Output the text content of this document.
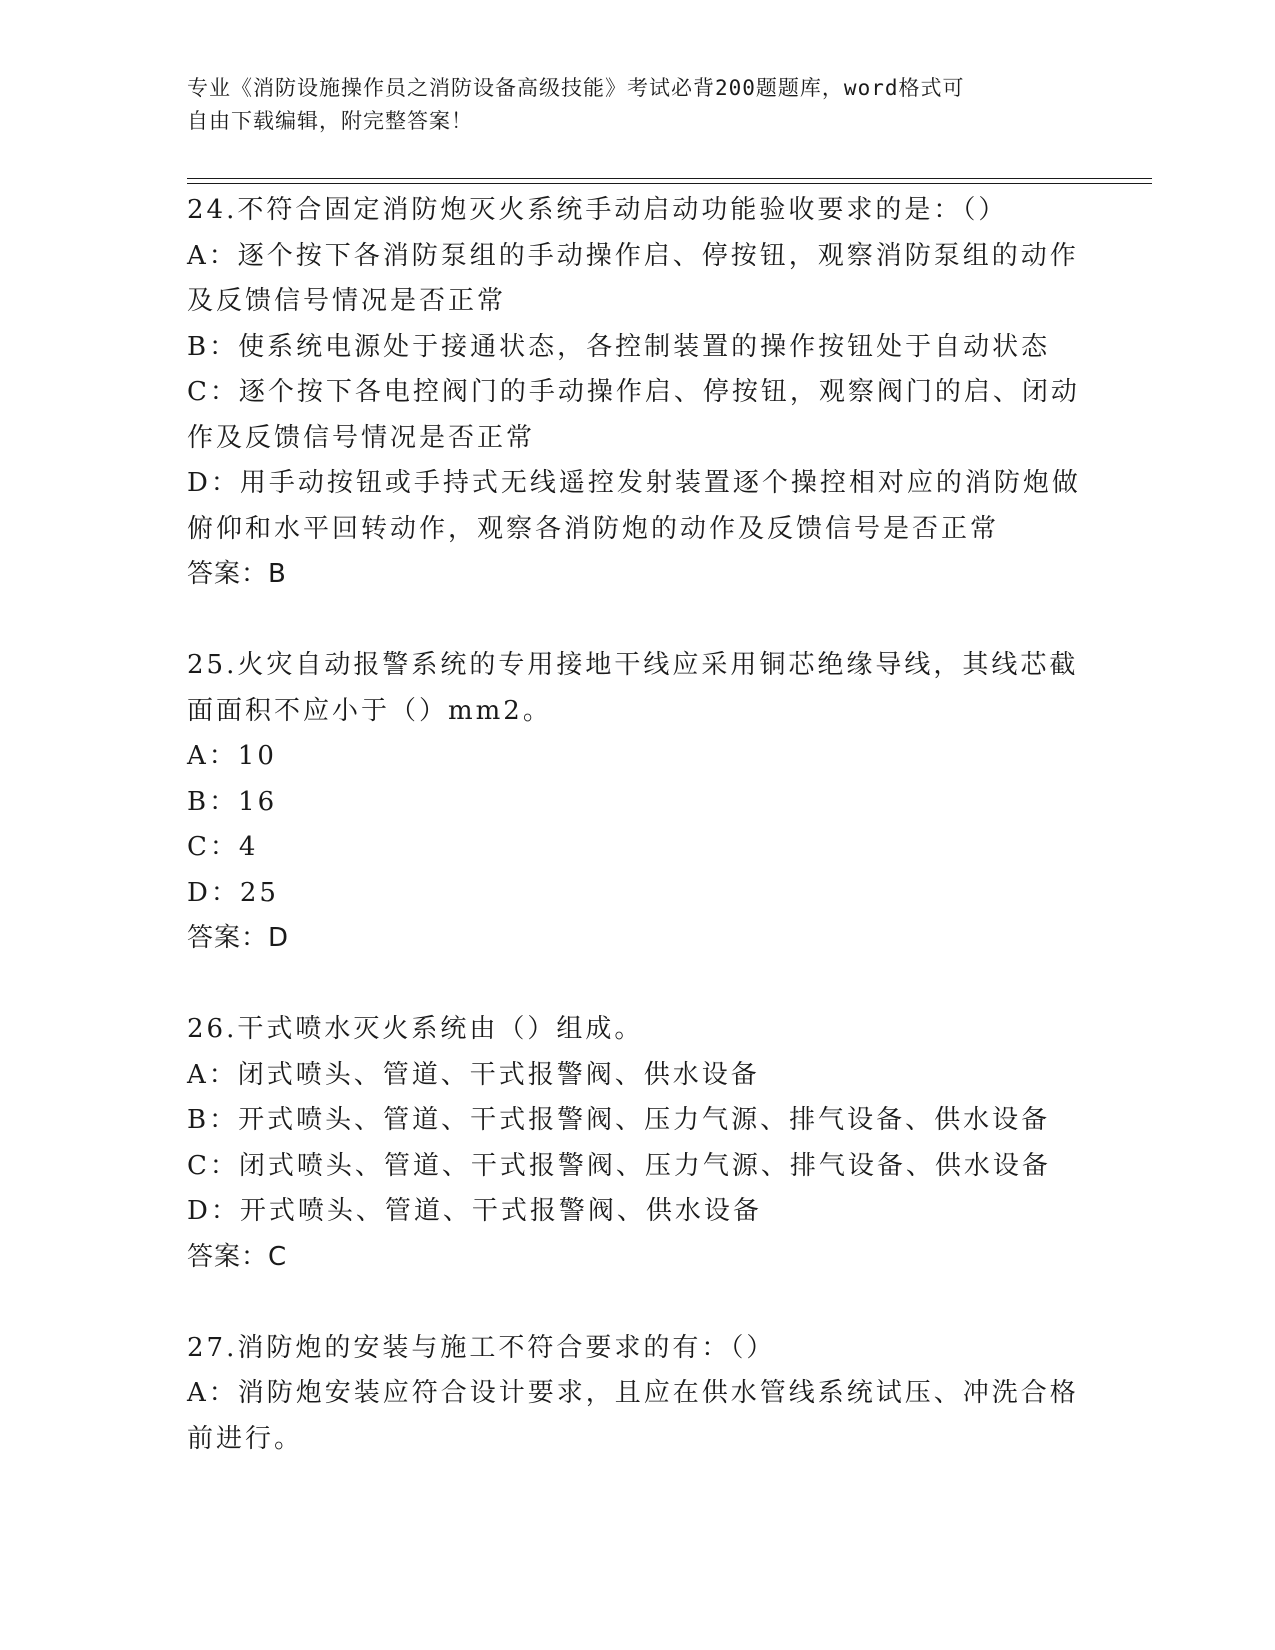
专业《消防设施操作员之消防设备高级技能》考试必背200题题库，word格式可
自由下载编辑，附完整答案！
24.不符合固定消防炮灭火系统手动启动功能验收要求的是：（）
A：逐个按下各消防泵组的手动操作启、停按钮，观察消防泵组的动作
及反馈信号情况是否正常
B：使系统电源处于接通状态，各控制装置的操作按钮处于自动状态
C：逐个按下各电控阀门的手动操作启、停按钮，观察阀门的启、闭动
作及反馈信号情况是否正常
D：用手动按钮或手持式无线遥控发射装置逐个操控相对应的消防炮做
俯仰和水平回转动作，观察各消防炮的动作及反馈信号是否正常
答案：B
25.火灾自动报警系统的专用接地干线应采用铜芯绝缘导线，其线芯截
面面积不应小于（）mm2。
A：10
B：16
C：4
D：25
答案：D
26.干式喷水灭火系统由（）组成。
A：闭式喷头、管道、干式报警阀、供水设备
B：开式喷头、管道、干式报警阀、压力气源、排气设备、供水设备
C：闭式喷头、管道、干式报警阀、压力气源、排气设备、供水设备
D：开式喷头、管道、干式报警阀、供水设备
答案：C
27.消防炮的安装与施工不符合要求的有：（）
A：消防炮安装应符合设计要求，且应在供水管线系统试压、冲洗合格
前进行。
